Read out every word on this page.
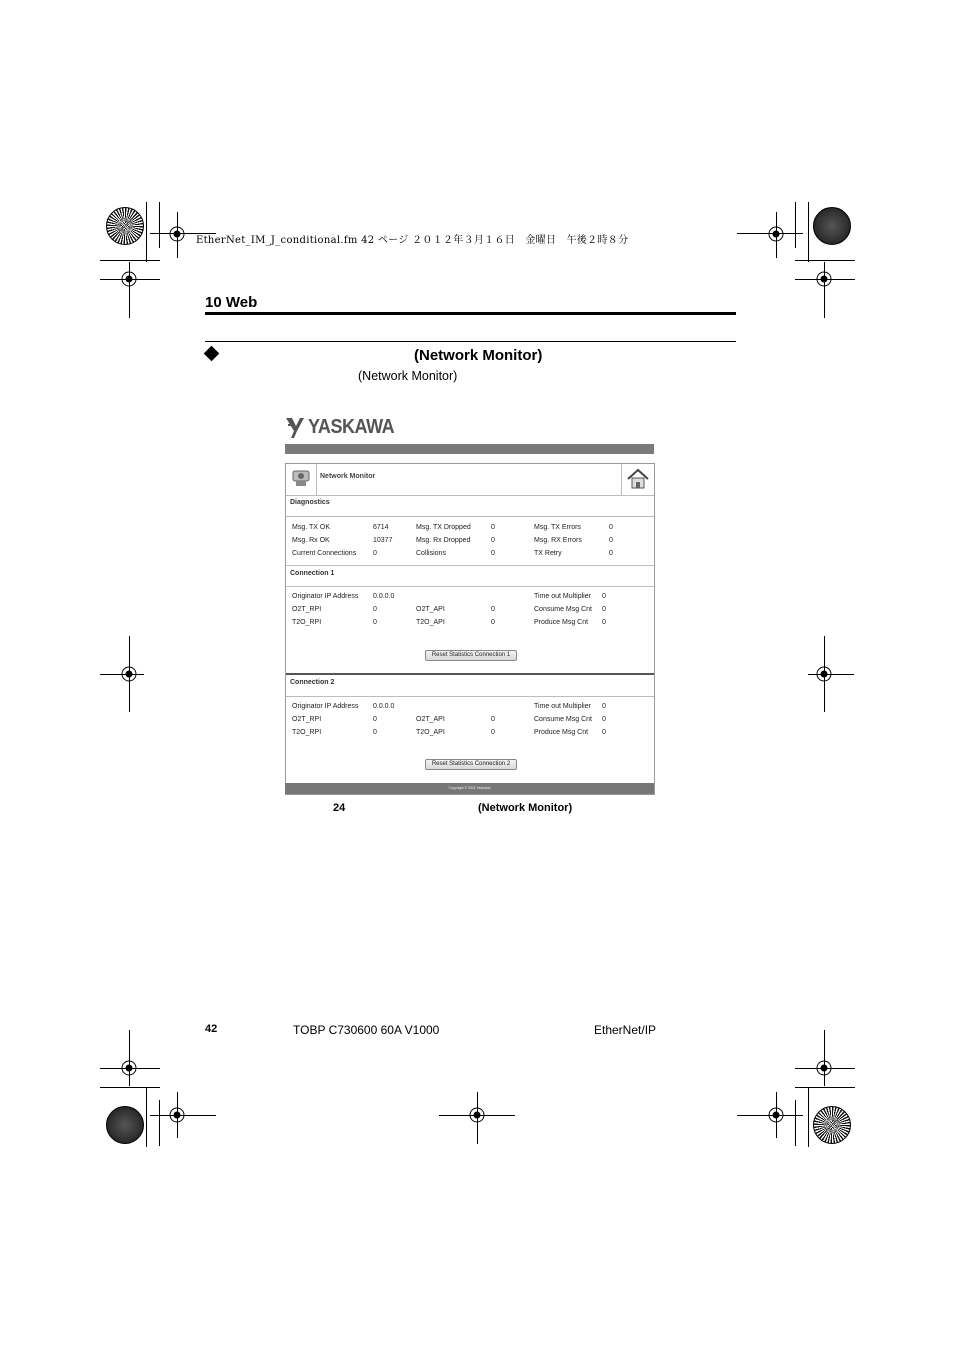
EtherNet_IM_J_conditional.fm 42 ページ ２０１２年３月１６日　金曜日　午後２時８分
10 Web
(Network Monitor)
(Network Monitor)
YASKAWA
Network Monitor
Diagnostics
Msg. TX OK	6714	Msg. TX Dropped	0	Msg. TX Errors	0
Msg. Rx OK	10377	Msg. Rx Dropped	0	Msg. RX Errors	0
Current Connections 0	Collisions	0	TX Retry	0
Connection 1
Originator IP Address 0.0.0.0	Time out Multiplier 0
O2T_RPI	0	O2T_API	0	Consume Msg Cnt 0
T2O_RPI	0	T2O_API	0	Produce Msg Cnt 0
Reset Statistics Connection 1
Connection 2
Originator IP Address 0.0.0.0	Time out Multiplier 0
O2T_RPI	0	O2T_API	0	Consume Msg Cnt 0
T2O_RPI	0	T2O_API	0	Produce Msg Cnt 0
Reset Statistics Connection 2
Copyright © 2011 Yaskawa
24	(Network Monitor)
42	TOBP C730600 60A V1000	EtherNet/IP
